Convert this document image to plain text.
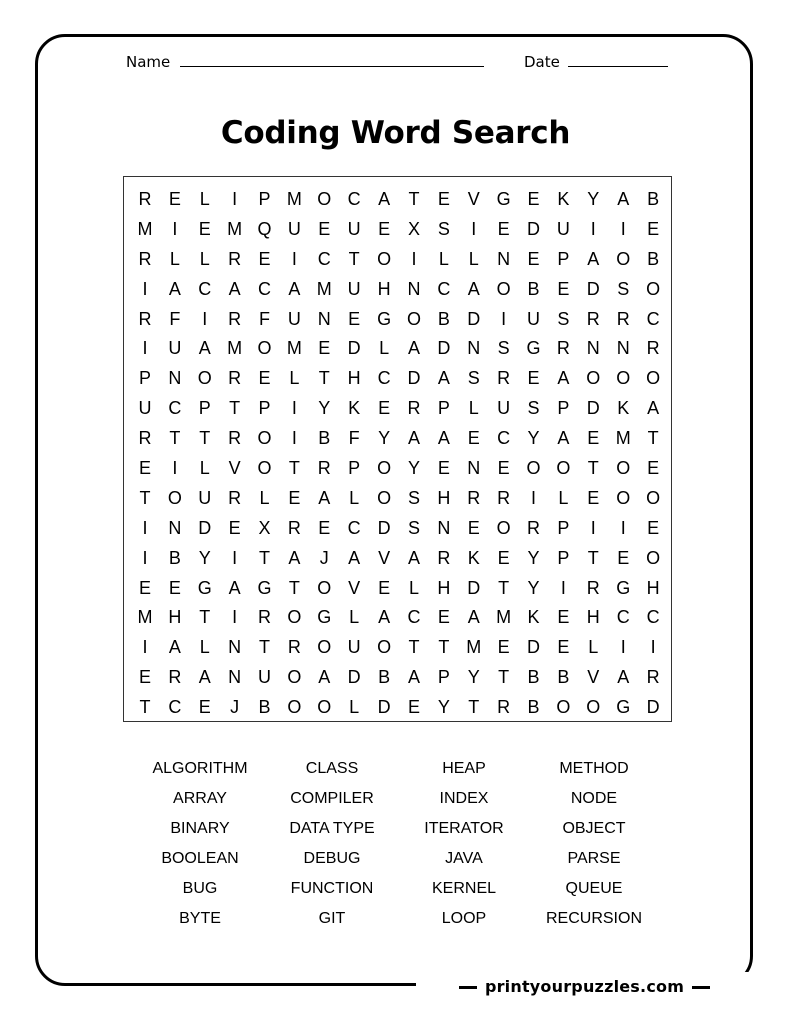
Name	Date
Coding Word Search
R E	L	I	P M O C A	T	E V G E K Y A B
M	I	E M Q U E U E X S	I	E D U	I	I	E
R	L	L	R E	I	C T O	I	L	L	N E P A O B
I	A C A C A M U H N C A O B E D S O
R F	I	R F U N E G O B D	I	U S R R C
I	U A M O M E D	L	A D N S G R N N R
P N O R E	L	T H C D A S R E A O O O
U C P	T	P	I	Y K E R P	L	U S P D K A
R T	T R O	I	B	F	Y A A E C Y A E M T
E	I	L	V O T R P O Y E N E O O T O E
T O U R	L	E A	L O S H R R	I	L	E O O
I	N D E X R E C D S N E O R P	I	I	E
I	B Y	I	T	A	J	A V A R K E Y P	T	E O
E E G A G T O V E	L	H D T	Y	I	R G H
M H T	I	R O G L	A C E A M K E H C C
I	A	L	N T R O U O T	T M E D E	L	I	I
E R A N U O A D B A P Y	T	B B V A R
T C E	J	B O O L	D E Y	T R B O O G D
ALGORITHM	CLASS	HEAP	METHOD
ARRAY	COMPILER	INDEX	NODE
BINARY	DATA TYPE	ITERATOR	OBJECT
BOOLEAN	DEBUG	JAVA	PARSE
BUG	FUNCTION	KERNEL	QUEUE
BYTE	GIT	LOOP	RECURSION
printyourpuzzles.com
